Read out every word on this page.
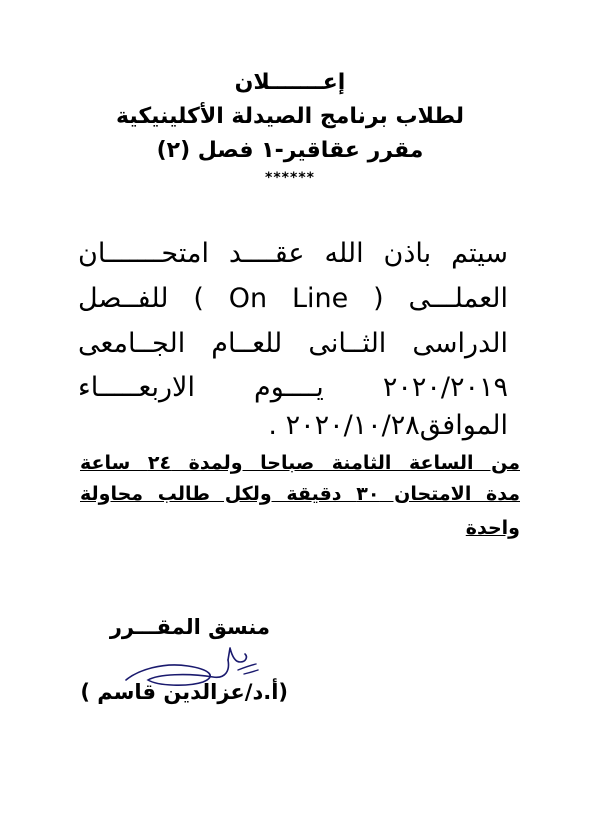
إعـــــــلان
لطلاب برنامج الصيدلة الأكلينيكية
مقرر عقاقير-١ فصل (٢)
******
سيتم باذن الله عقــــد امتحـــــــان
العملـــى ( On Line ) للفــصل
الدراسى الثــانى للعــام الجــامعى
٢٠٢٠/٢٠١٩ يــــوم الاربعـــــاء
الموافق٢٠٢٠/١٠/٢٨ .
من الساعة الثامنة صباحا ولمدة ٢٤ ساعة
مدة الامتحان ٣٠ دقيقة ولكل طالب محاولة
واحدة
منسق المقـــرر
(أ.د/عزالدين قاسم )
